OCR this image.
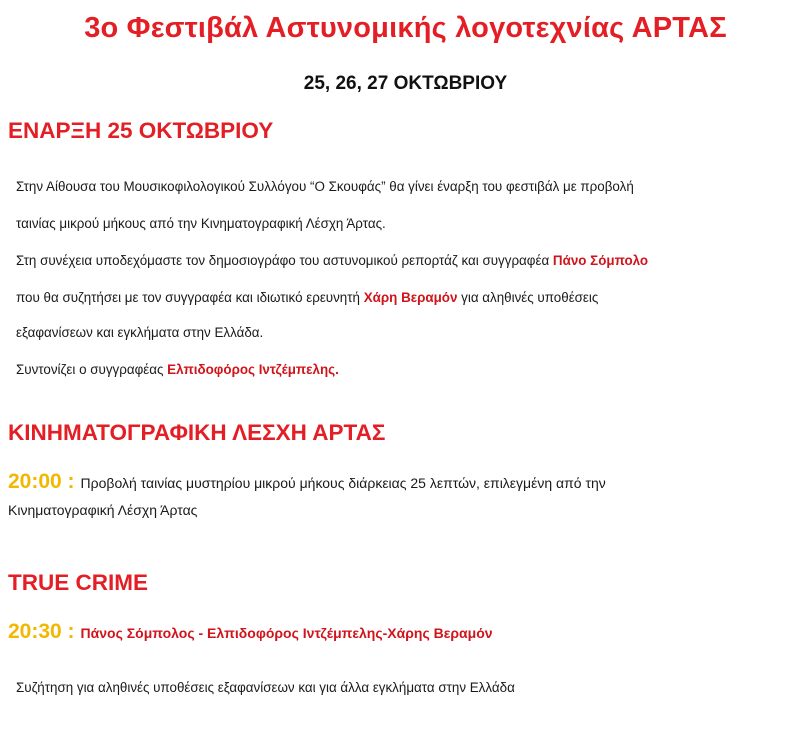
3ο Φεστιβάλ Αστυνομικής λογοτεχνίας ΑΡΤΑΣ
25, 26, 27 ΟΚΤΩΒΡΙΟΥ
ΕΝΑΡΞΗ 25 ΟΚΤΩΒΡΙΟΥ
Στην Αίθουσα του Μουσικοφιλολογικού Συλλόγου “Ο Σκουφάς” θα γίνει έναρξη του φεστιβάλ με προβολή
ταινίας μικρού μήκους από την Κινηματογραφική Λέσχη Άρτας.
Στη συνέχεια υποδεχόμαστε τον δημοσιογράφο του αστυνομικού ρεπορτάζ και συγγραφέα Πάνο Σόμπολο
που θα συζητήσει με τον συγγραφέα και ιδιωτικό ερευνητή Χάρη Βεραμόν για αληθινές υποθέσεις
εξαφανίσεων και εγκλήματα στην Ελλάδα.
Συντονίζει ο συγγραφέας Ελπιδοφόρος Ιντζέμπελης.
ΚΙΝΗΜΑΤΟΓΡΑΦΙΚΗ ΛΕΣΧΗ ΑΡΤΑΣ
20:00 : Προβολή ταινίας μυστηρίου μικρού μήκους διάρκειας 25 λεπτών, επιλεγμένη από την
Κινηματογραφική Λέσχη Άρτας
TRUE CRIME
20:30 : Πάνος Σόμπολος - Ελπιδοφόρος Ιντζέμπελης-Χάρης Βεραμόν
Συζήτηση για αληθινές υποθέσεις εξαφανίσεων και για άλλα εγκλήματα στην Ελλάδα
